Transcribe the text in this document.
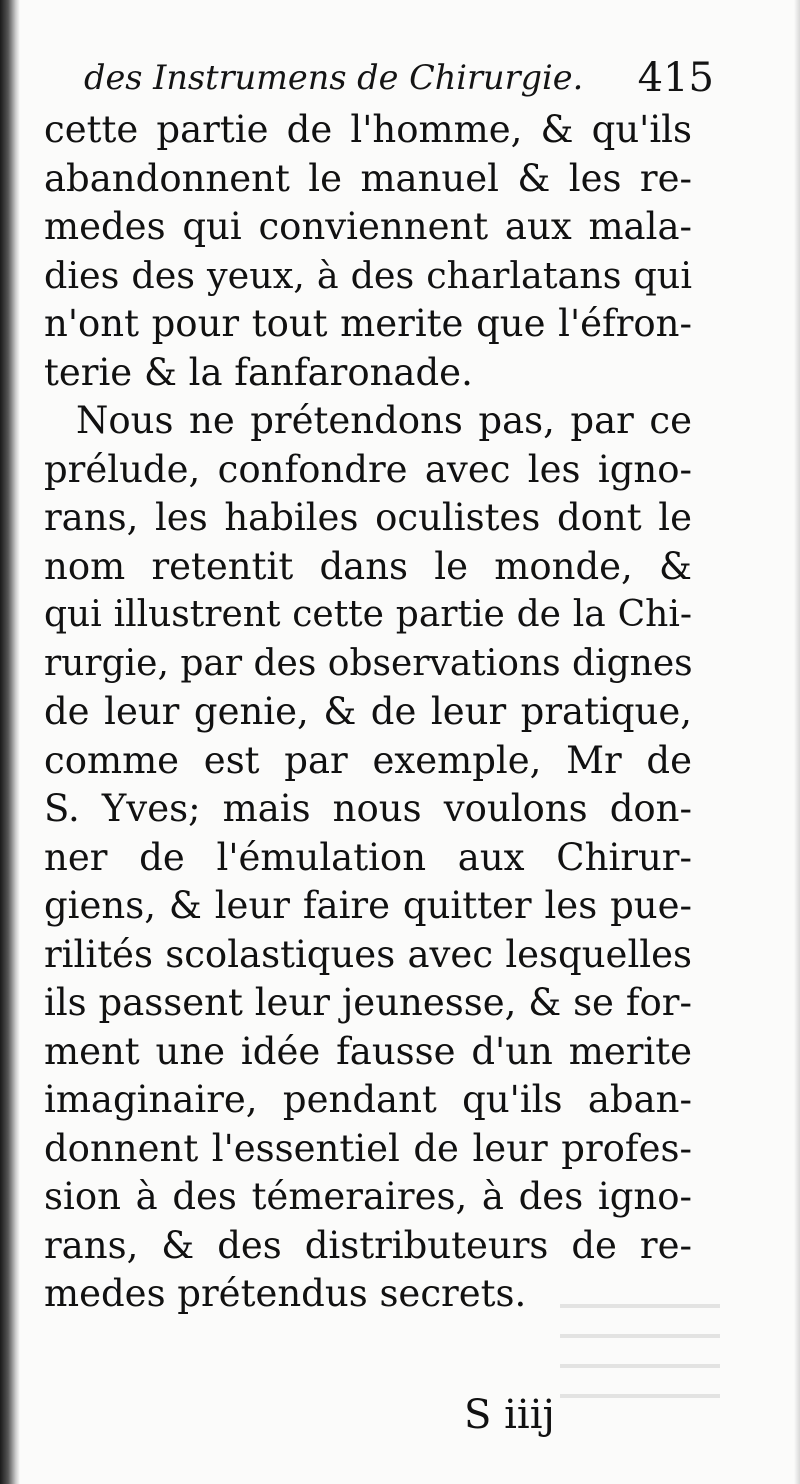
des Instrumens de Chirurgie. 415
cette partie de l'homme, & qu'ils
abandonnent le manuel & les re-
medes qui conviennent aux mala-
dies des yeux, à des charlatans qui
n'ont pour tout merite que l'éfron-
terie & la fanfaronade.
Nous ne prétendons pas, par ce
prélude, confondre avec les igno-
rans, les habiles oculistes dont le
nom retentit dans le monde, &
qui illustrent cette partie de la Chi-
rurgie, par des observations dignes
de leur genie, & de leur pratique,
comme est par exemple, Mr de
S. Yves; mais nous voulons don-
ner de l'émulation aux Chirur-
giens, & leur faire quitter les pue-
rilités scolastiques avec lesquelles
ils passent leur jeunesse, & se for-
ment une idée fausse d'un merite
imaginaire, pendant qu'ils aban-
donnent l'essentiel de leur profes-
sion à des témeraires, à des igno-
rans, & des distributeurs de re-
medes prétendus secrets.
S iiij
